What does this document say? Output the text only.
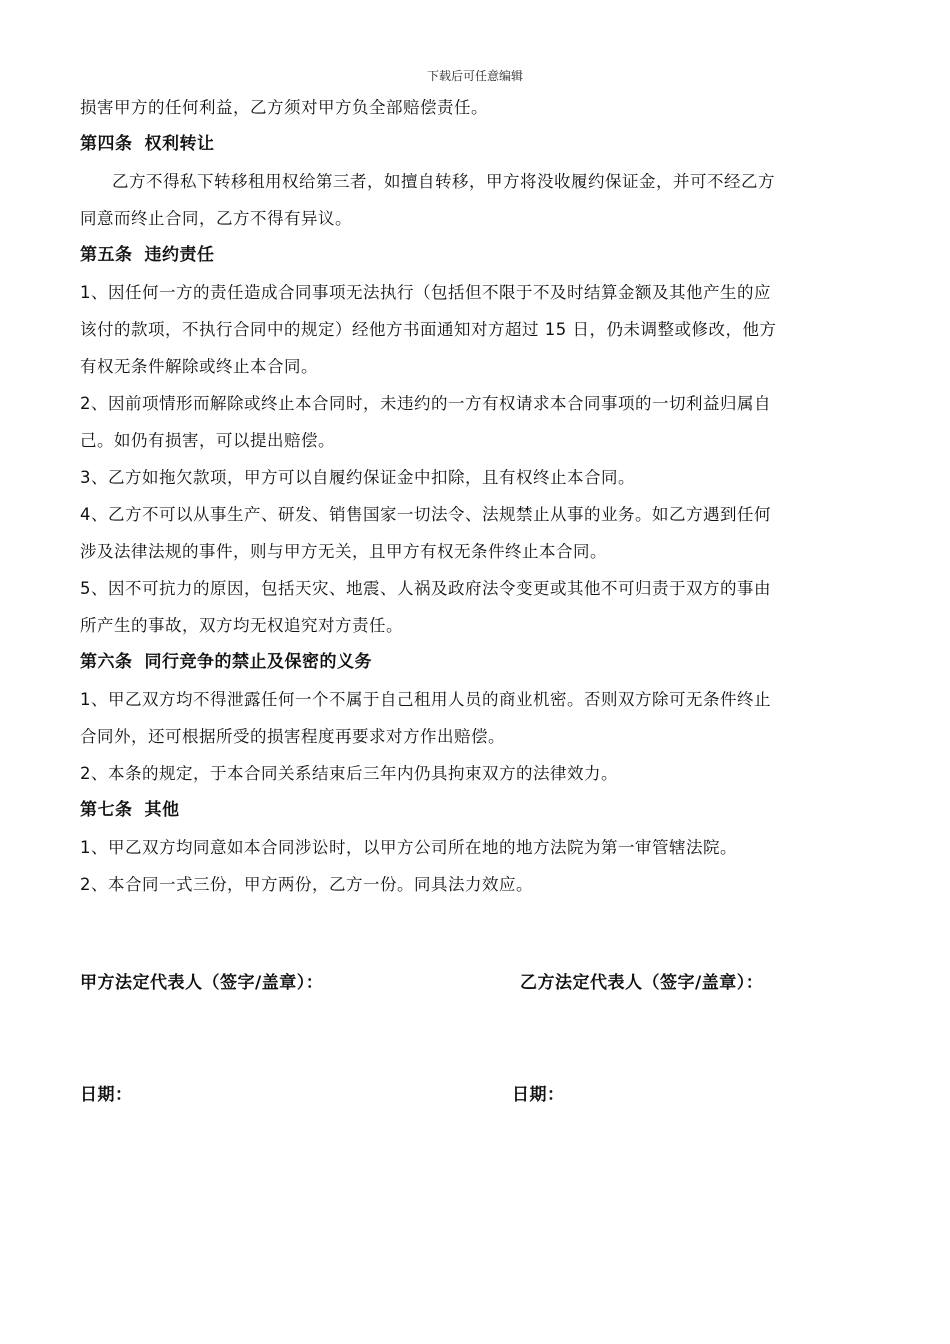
下载后可任意编辑

损害甲方的任何利益，乙方须对甲方负全部赔偿责任。

第四条 权利转让

乙方不得私下转移租用权给第三者，如擅自转移，甲方将没收履约保证金，并可不经乙方

同意而终止合同，乙方不得有异议。

第五条 违约责任

1、因任何一方的责任造成合同事项无法执行（包括但不限于不及时结算金额及其他产生的应

该付的款项，不执行合同中的规定）经他方书面通知对方超过 15 日，仍未调整或修改，他方

有权无条件解除或终止本合同。

2、因前项情形而解除或终止本合同时，未违约的一方有权请求本合同事项的一切利益归属自

己。如仍有损害，可以提出赔偿。

3、乙方如拖欠款项，甲方可以自履约保证金中扣除，且有权终止本合同。

4、乙方不可以从事生产、研发、销售国家一切法令、法规禁止从事的业务。如乙方遇到任何

涉及法律法规的事件，则与甲方无关，且甲方有权无条件终止本合同。

5、因不可抗力的原因，包括天灾、地震、人祸及政府法令变更或其他不可归责于双方的事由

所产生的事故，双方均无权追究对方责任。

第六条 同行竞争的禁止及保密的义务

1、甲乙双方均不得泄露任何一个不属于自己租用人员的商业机密。否则双方除可无条件终止

合同外，还可根据所受的损害程度再要求对方作出赔偿。

2、本条的规定，于本合同关系结束后三年内仍具拘束双方的法律效力。

第七条 其他

1、甲乙双方均同意如本合同涉讼时，以甲方公司所在地的地方法院为第一审管辖法院。

2、本合同一式三份，甲方两份，乙方一份。同具法力效应。

甲方法定代表人（签字/盖章）：	乙方法定代表人（签字/盖章）：
日期：	日期：
